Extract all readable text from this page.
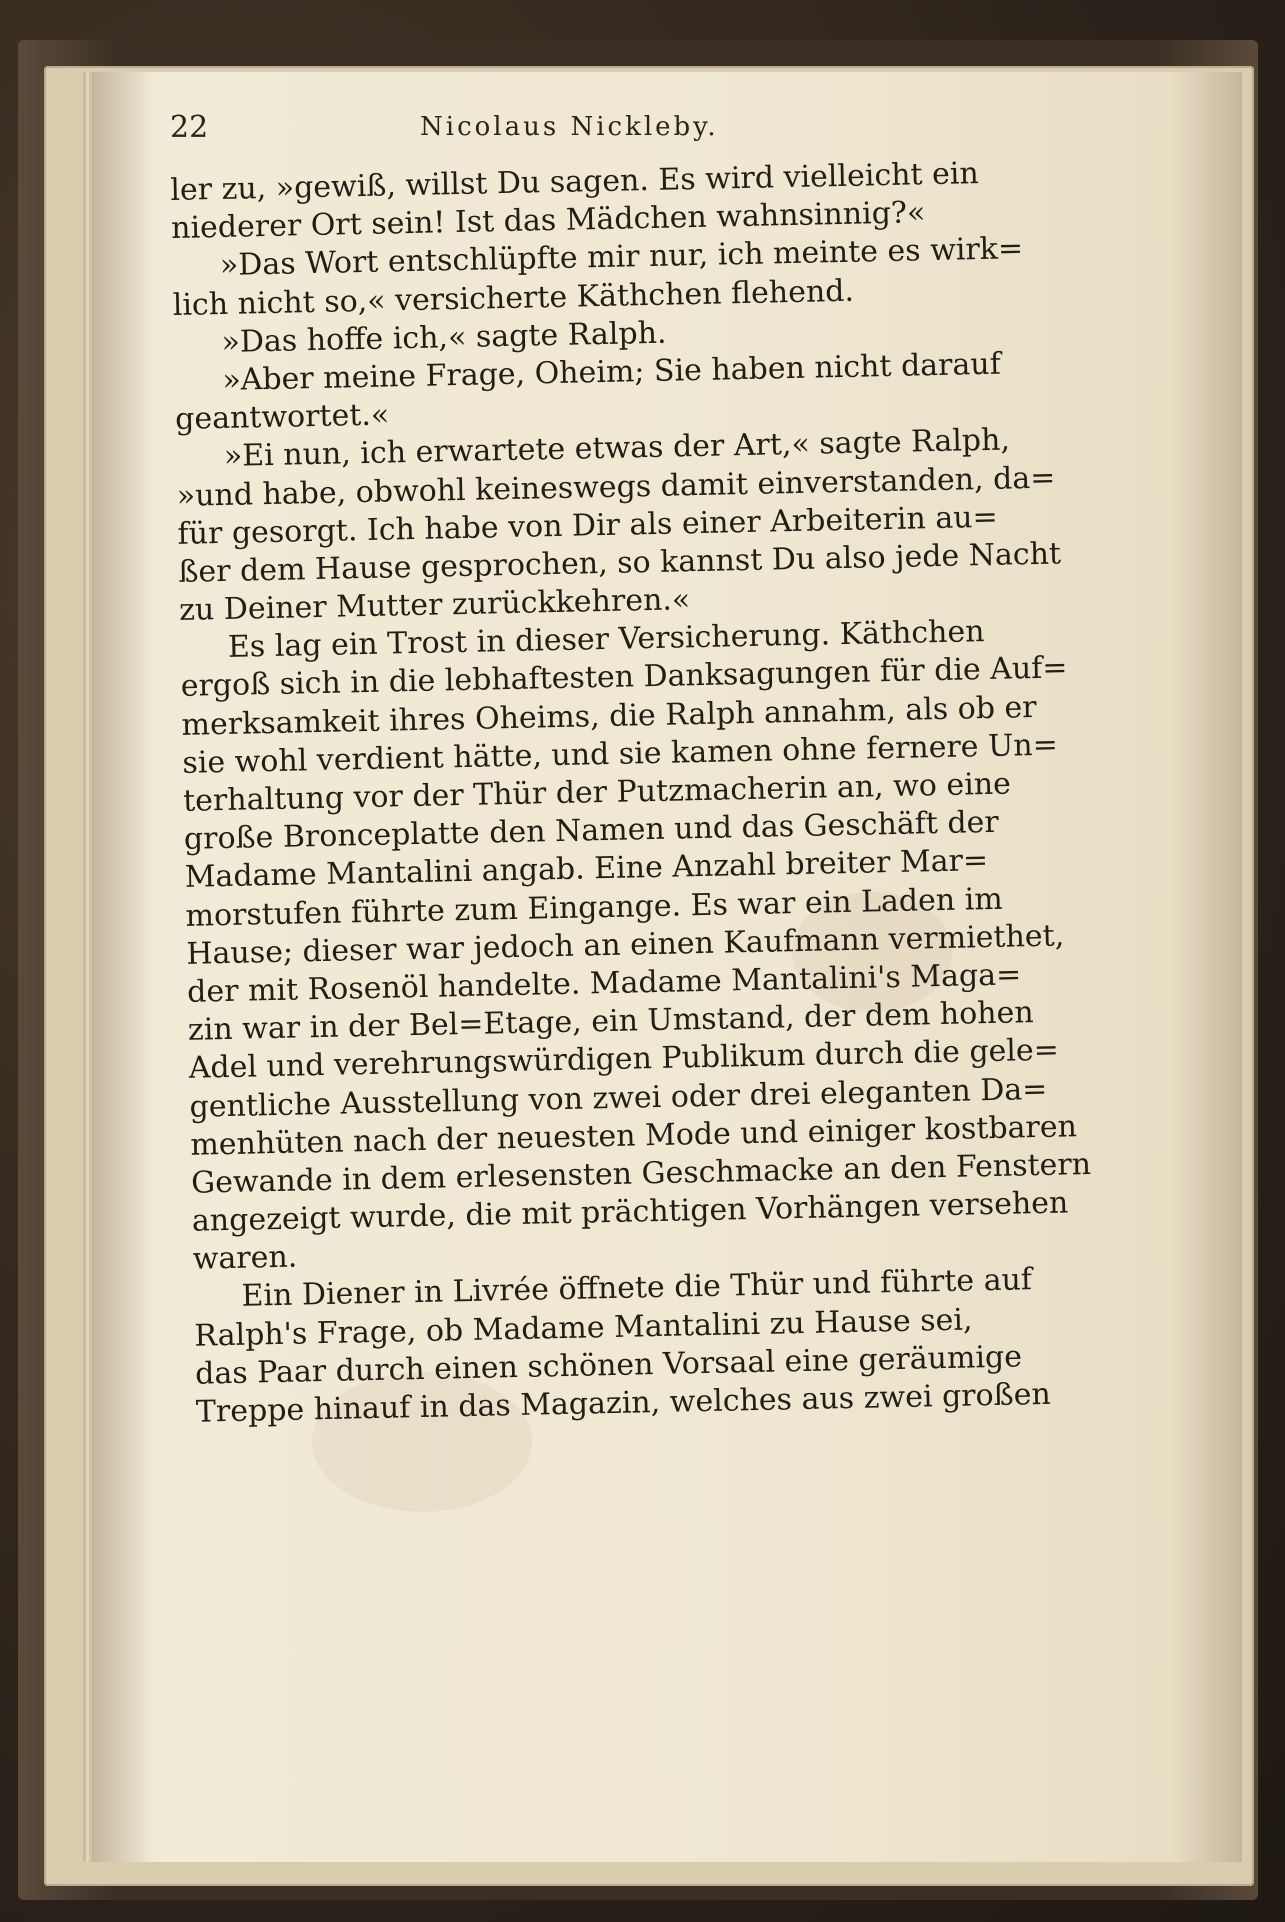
22	Nicolaus Nickleby.
ler zu, »gewiß, willst Du sagen. Es wird vielleicht ein
niederer Ort sein! Ist das Mädchen wahnsinnig?«
»Das Wort entschlüpfte mir nur, ich meinte es wirk=
lich nicht so,« versicherte Käthchen flehend.
»Das hoffe ich,« sagte Ralph.
»Aber meine Frage, Oheim; Sie haben nicht darauf
geantwortet.«
»Ei nun, ich erwartete etwas der Art,« sagte Ralph,
»und habe, obwohl keineswegs damit einverstanden, da=
für gesorgt. Ich habe von Dir als einer Arbeiterin au=
ßer dem Hause gesprochen, so kannst Du also jede Nacht
zu Deiner Mutter zurückkehren.«
Es lag ein Trost in dieser Versicherung. Käthchen
ergoß sich in die lebhaftesten Danksagungen für die Auf=
merksamkeit ihres Oheims, die Ralph annahm, als ob er
sie wohl verdient hätte, und sie kamen ohne fernere Un=
terhaltung vor der Thür der Putzmacherin an, wo eine
große Bronceplatte den Namen und das Geschäft der
Madame Mantalini angab. Eine Anzahl breiter Mar=
morstufen führte zum Eingange. Es war ein Laden im
Hause; dieser war jedoch an einen Kaufmann vermiethet,
der mit Rosenöl handelte. Madame Mantalini's Maga=
zin war in der Bel=Etage, ein Umstand, der dem hohen
Adel und verehrungswürdigen Publikum durch die gele=
gentliche Ausstellung von zwei oder drei eleganten Da=
menhüten nach der neuesten Mode und einiger kostbaren
Gewande in dem erlesensten Geschmacke an den Fenstern
angezeigt wurde, die mit prächtigen Vorhängen versehen
waren.
Ein Diener in Livrée öffnete die Thür und führte auf
Ralph's Frage, ob Madame Mantalini zu Hause sei,
das Paar durch einen schönen Vorsaal eine geräumige
Treppe hinauf in das Magazin, welches aus zwei großen
